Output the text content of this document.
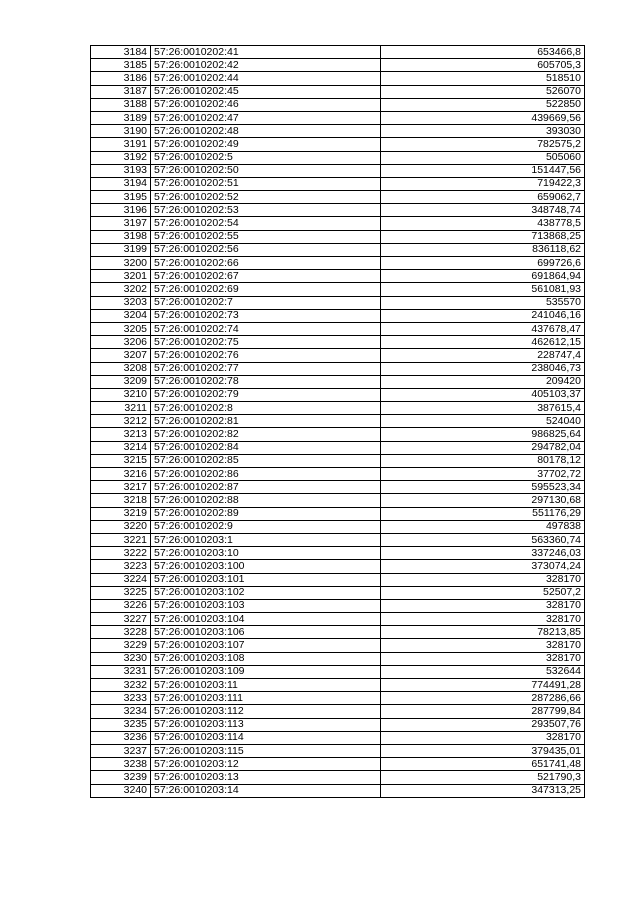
3184	57:26:0010202:41	653466,8
3185	57:26:0010202:42	605705,3
3186	57:26:0010202:44	518510
3187	57:26:0010202:45	526070
3188	57:26:0010202:46	522850
3189	57:26:0010202:47	439669,56
3190	57:26:0010202:48	393030
3191	57:26:0010202:49	782575,2
3192	57:26:0010202:5	505060
3193	57:26:0010202:50	151447,56
3194	57:26:0010202:51	719422,3
3195	57:26:0010202:52	659062,7
3196	57:26:0010202:53	348748,74
3197	57:26:0010202:54	438778,5
3198	57:26:0010202:55	713868,25
3199	57:26:0010202:56	836118,62
3200	57:26:0010202:66	699726,6
3201	57:26:0010202:67	691864,94
3202	57:26:0010202:69	561081,93
3203	57:26:0010202:7	535570
3204	57:26:0010202:73	241046,16
3205	57:26:0010202:74	437678,47
3206	57:26:0010202:75	462612,15
3207	57:26:0010202:76	228747,4
3208	57:26:0010202:77	238046,73
3209	57:26:0010202:78	209420
3210	57:26:0010202:79	405103,37
3211	57:26:0010202:8	387615,4
3212	57:26:0010202:81	524040
3213	57:26:0010202:82	986825,64
3214	57:26:0010202:84	294782,04
3215	57:26:0010202:85	80178,12
3216	57:26:0010202:86	37702,72
3217	57:26:0010202:87	595523,34
3218	57:26:0010202:88	297130,68
3219	57:26:0010202:89	551176,29
3220	57:26:0010202:9	497838
3221	57:26:0010203:1	563360,74
3222	57:26:0010203:10	337246,03
3223	57:26:0010203:100	373074,24
3224	57:26:0010203:101	328170
3225	57:26:0010203:102	52507,2
3226	57:26:0010203:103	328170
3227	57:26:0010203:104	328170
3228	57:26:0010203:106	78213,85
3229	57:26:0010203:107	328170
3230	57:26:0010203:108	328170
3231	57:26:0010203:109	532644
3232	57:26:0010203:11	774491,28
3233	57:26:0010203:111	287286,66
3234	57:26:0010203:112	287799,84
3235	57:26:0010203:113	293507,76
3236	57:26:0010203:114	328170
3237	57:26:0010203:115	379435,01
3238	57:26:0010203:12	651741,48
3239	57:26:0010203:13	521790,3
3240	57:26:0010203:14	347313,25
